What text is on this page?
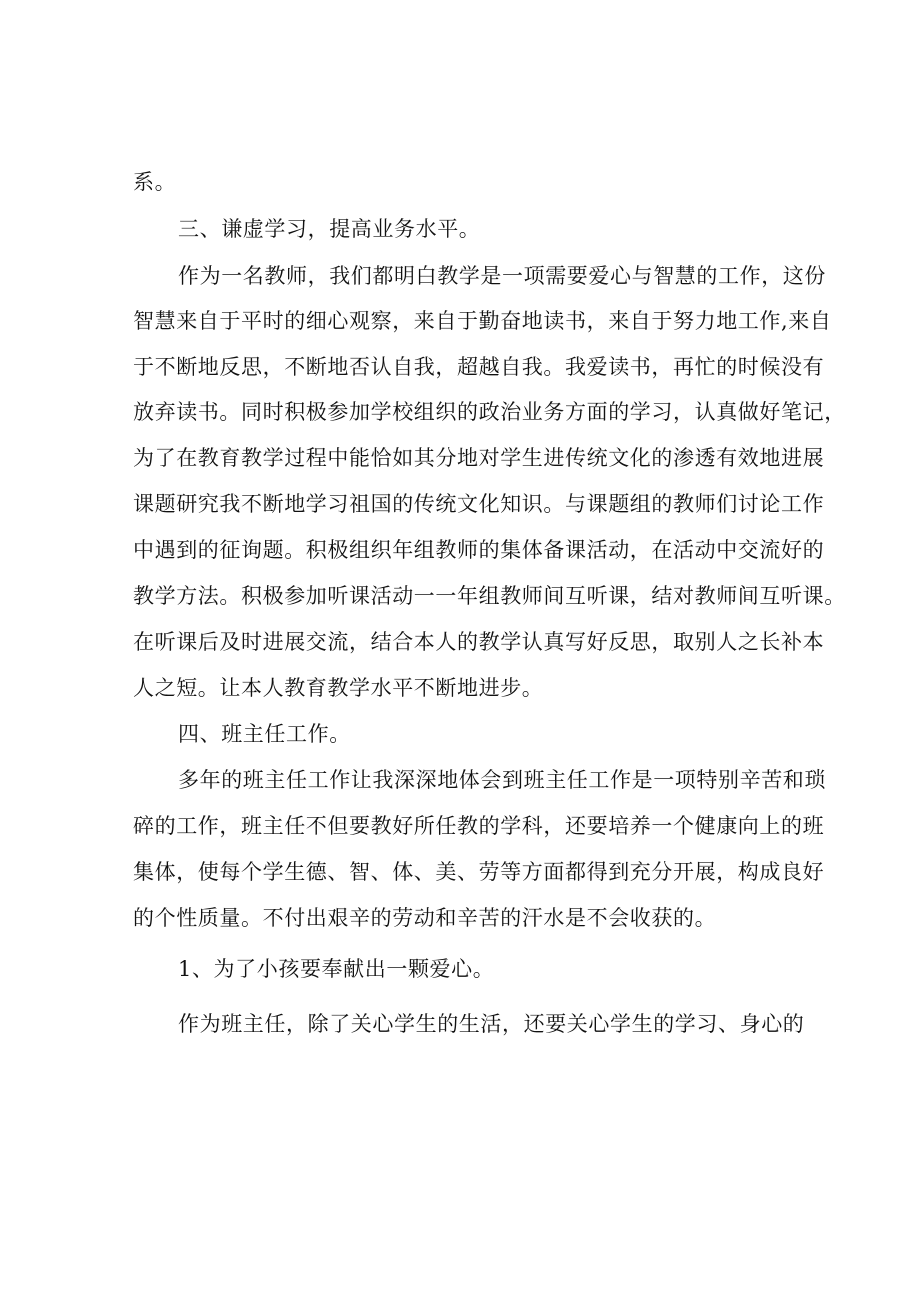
系。
三、谦虚学习，提高业务水平。
作为一名教师，我们都明白教学是一项需要爱心与智慧的工作，这份
智慧来自于平时的细心观察，来自于勤奋地读书，来自于努力地工作,来自
于不断地反思，不断地否认自我，超越自我。我爱读书，再忙的时候没有
放弃读书。同时积极参加学校组织的政治业务方面的学习，认真做好笔记，
为了在教育教学过程中能恰如其分地对学生进传统文化的渗透有效地进展
课题研究我不断地学习祖国的传统文化知识。与课题组的教师们讨论工作
中遇到的征询题。积极组织年组教师的集体备课活动，在活动中交流好的
教学方法。积极参加听课活动一一年组教师间互听课，结对教师间互听课。
在听课后及时进展交流，结合本人的教学认真写好反思，取别人之长补本
人之短。让本人教育教学水平不断地进步。
四、班主任工作。
多年的班主任工作让我深深地体会到班主任工作是一项特别辛苦和琐
碎的工作，班主任不但要教好所任教的学科，还要培养一个健康向上的班
集体，使每个学生德、智、体、美、劳等方面都得到充分开展，构成良好
的个性质量。不付出艰辛的劳动和辛苦的汗水是不会收获的。
1、为了小孩要奉献出一颗爱心。
作为班主任，除了关心学生的生活，还要关心学生的学习、身心的
